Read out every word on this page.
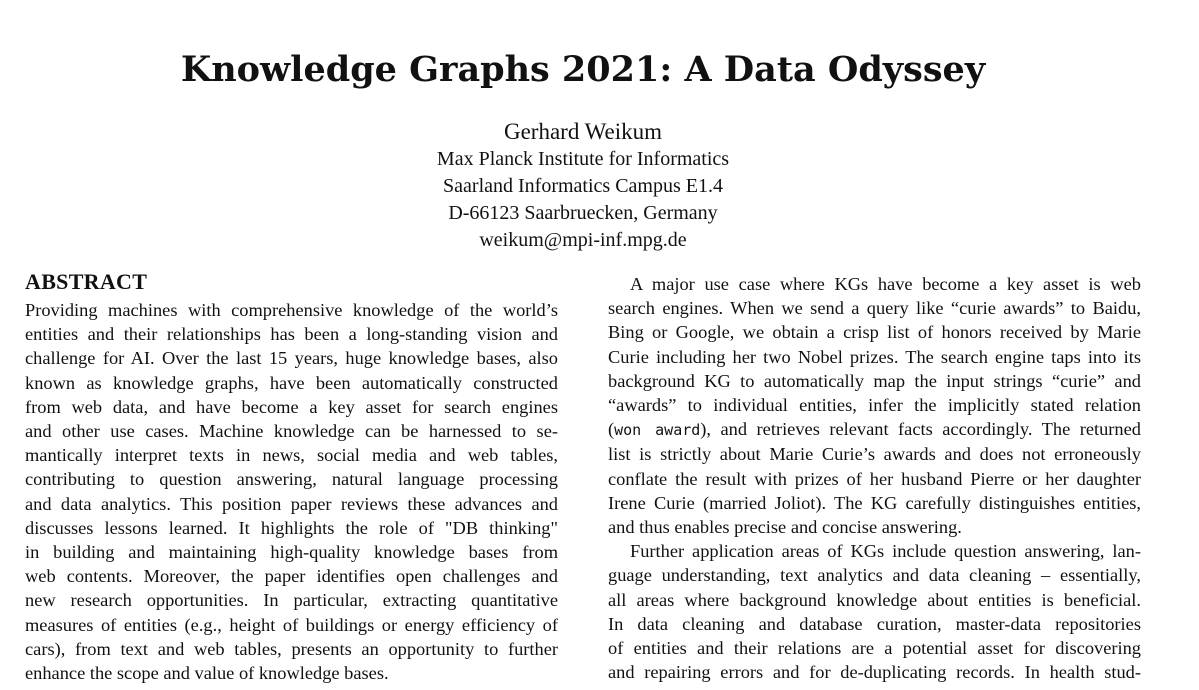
Knowledge Graphs 2021: A Data Odyssey
Gerhard Weikum
Max Planck Institute for Informatics
Saarland Informatics Campus E1.4
D-66123 Saarbruecken, Germany
weikum@mpi-inf.mpg.de
ABSTRACT
Providing machines with comprehensive knowledge of the world’s
entities and their relationships has been a long-standing vision and
challenge for AI. Over the last 15 years, huge knowledge bases, also
known as knowledge graphs, have been automatically constructed
from web data, and have become a key asset for search engines
and other use cases. Machine knowledge can be harnessed to se-
mantically interpret texts in news, social media and web tables,
contributing to question answering, natural language processing
and data analytics. This position paper reviews these advances and
discusses lessons learned. It highlights the role of "DB thinking"
in building and maintaining high-quality knowledge bases from
web contents. Moreover, the paper identifies open challenges and
new research opportunities. In particular, extracting quantitative
measures of entities (e.g., height of buildings or energy efficiency of
cars), from text and web tables, presents an opportunity to further
enhance the scope and value of knowledge bases.
A major use case where KGs have become a key asset is web
search engines. When we send a query like “curie awards” to Baidu,
Bing or Google, we obtain a crisp list of honors received by Marie
Curie including her two Nobel prizes. The search engine taps into its
background KG to automatically map the input strings “curie” and
“awards” to individual entities, infer the implicitly stated relation
(won award), and retrieves relevant facts accordingly. The returned
list is strictly about Marie Curie’s awards and does not erroneously
conflate the result with prizes of her husband Pierre or her daughter
Irene Curie (married Joliot). The KG carefully distinguishes entities,
and thus enables precise and concise answering.
Further application areas of KGs include question answering, lan-
guage understanding, text analytics and data cleaning – essentially,
all areas where background knowledge about entities is beneficial.
In data cleaning and database curation, master-data repositories
of entities and their relations are a potential asset for discovering
and repairing errors and for de-duplicating records. In health stud-
